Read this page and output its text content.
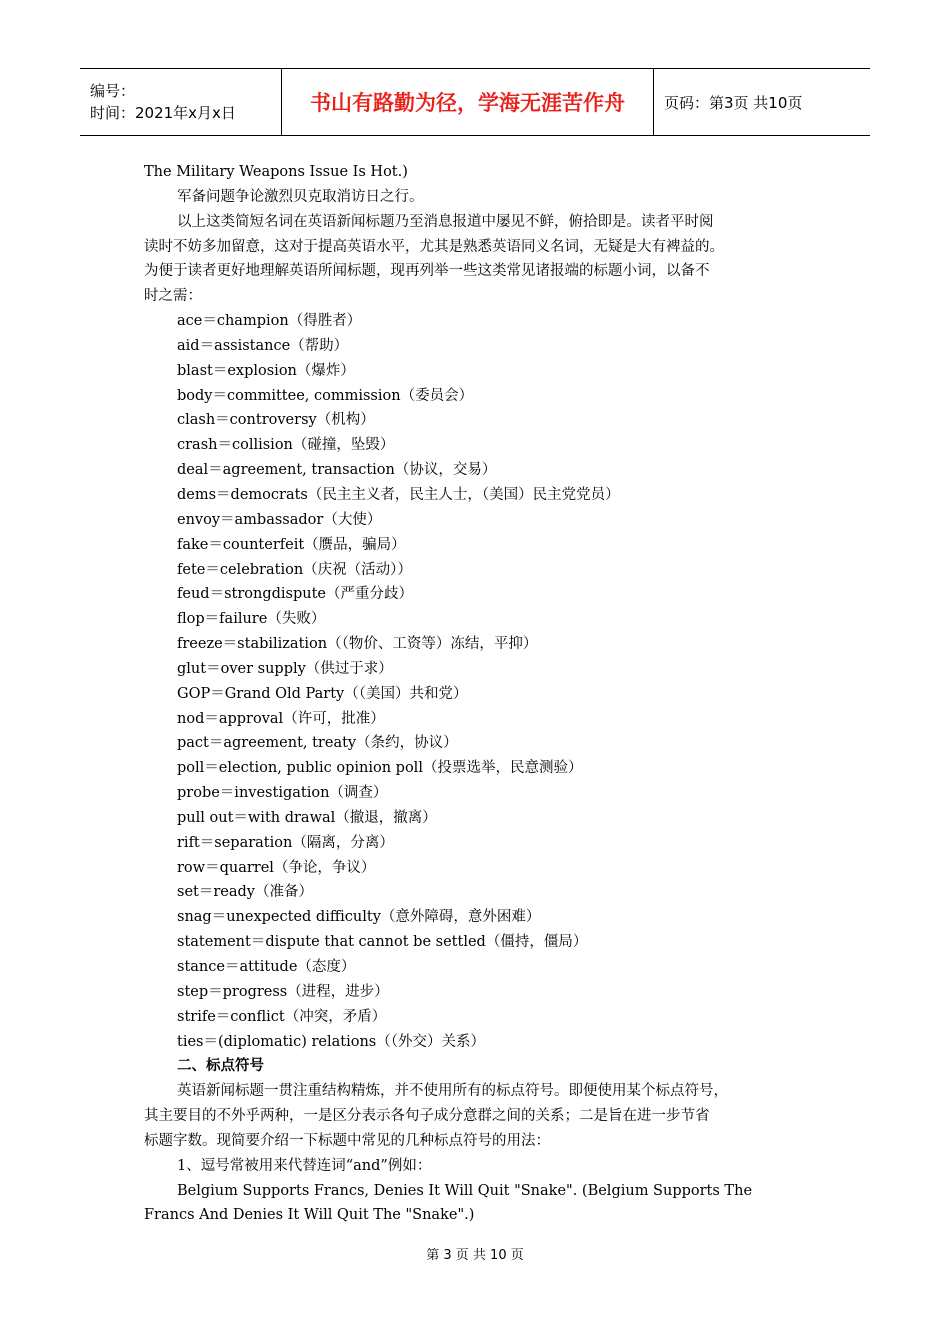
编号：
时间：2021年x月x日	书山有路勤为径，学海无涯苦作舟	页码：第3页 共10页
The Military Weapons Issue Is Hot.)
军备问题争论激烈贝克取消访日之行。
以上这类简短名词在英语新闻标题乃至消息报道中屡见不鲜，俯拾即是。读者平时阅
读时不妨多加留意，这对于提高英语水平，尤其是熟悉英语同义名词，无疑是大有裨益的。
为便于读者更好地理解英语所闻标题，现再列举一些这类常见诸报端的标题小词，以备不
时之需：
ace＝champion（得胜者）
aid＝assistance（帮助）
blast＝explosion（爆炸）
body＝committee, commission（委员会）
clash＝controversy（机构）
crash＝collision（碰撞，坠毁）
deal＝agreement, transaction（协议，交易）
dems＝democrats（民主主义者，民主人士，（美国）民主党党员）
envoy＝ambassador（大使）
fake＝counterfeit（赝品，骗局）
fete＝celebration（庆祝（活动））
feud＝strongdispute（严重分歧）
flop＝failure（失败）
freeze＝stabilization（（物价、工资等）冻结，平抑）
glut＝over supply（供过于求）
GOP＝Grand Old Party（（美国）共和党）
nod＝approval（许可，批准）
pact＝agreement, treaty（条约，协议）
poll＝election, public opinion poll（投票选举，民意测验）
probe＝investigation（调查）
pull out＝with drawal（撤退，撤离）
rift＝separation（隔离，分离）
row＝quarrel（争论，争议）
set＝ready（准备）
snag＝unexpected difficulty（意外障碍，意外困难）
statement＝dispute that cannot be settled（僵持，僵局）
stance＝attitude（态度）
step＝progress（进程，进步）
strife＝conflict（冲突，矛盾）
ties＝(diplomatic) relations（（外交）关系）
二、标点符号
英语新闻标题一贯注重结构精炼，并不使用所有的标点符号。即便使用某个标点符号，
其主要目的不外乎两种，一是区分表示各句子成分意群之间的关系；二是旨在进一步节省
标题字数。现简要介绍一下标题中常见的几种标点符号的用法：
1、逗号常被用来代替连词“and”例如：
Belgium Supports Francs, Denies It Will Quit "Snake". (Belgium Supports The
Francs And Denies It Will Quit The "Snake".)
第 3 页 共 10 页
